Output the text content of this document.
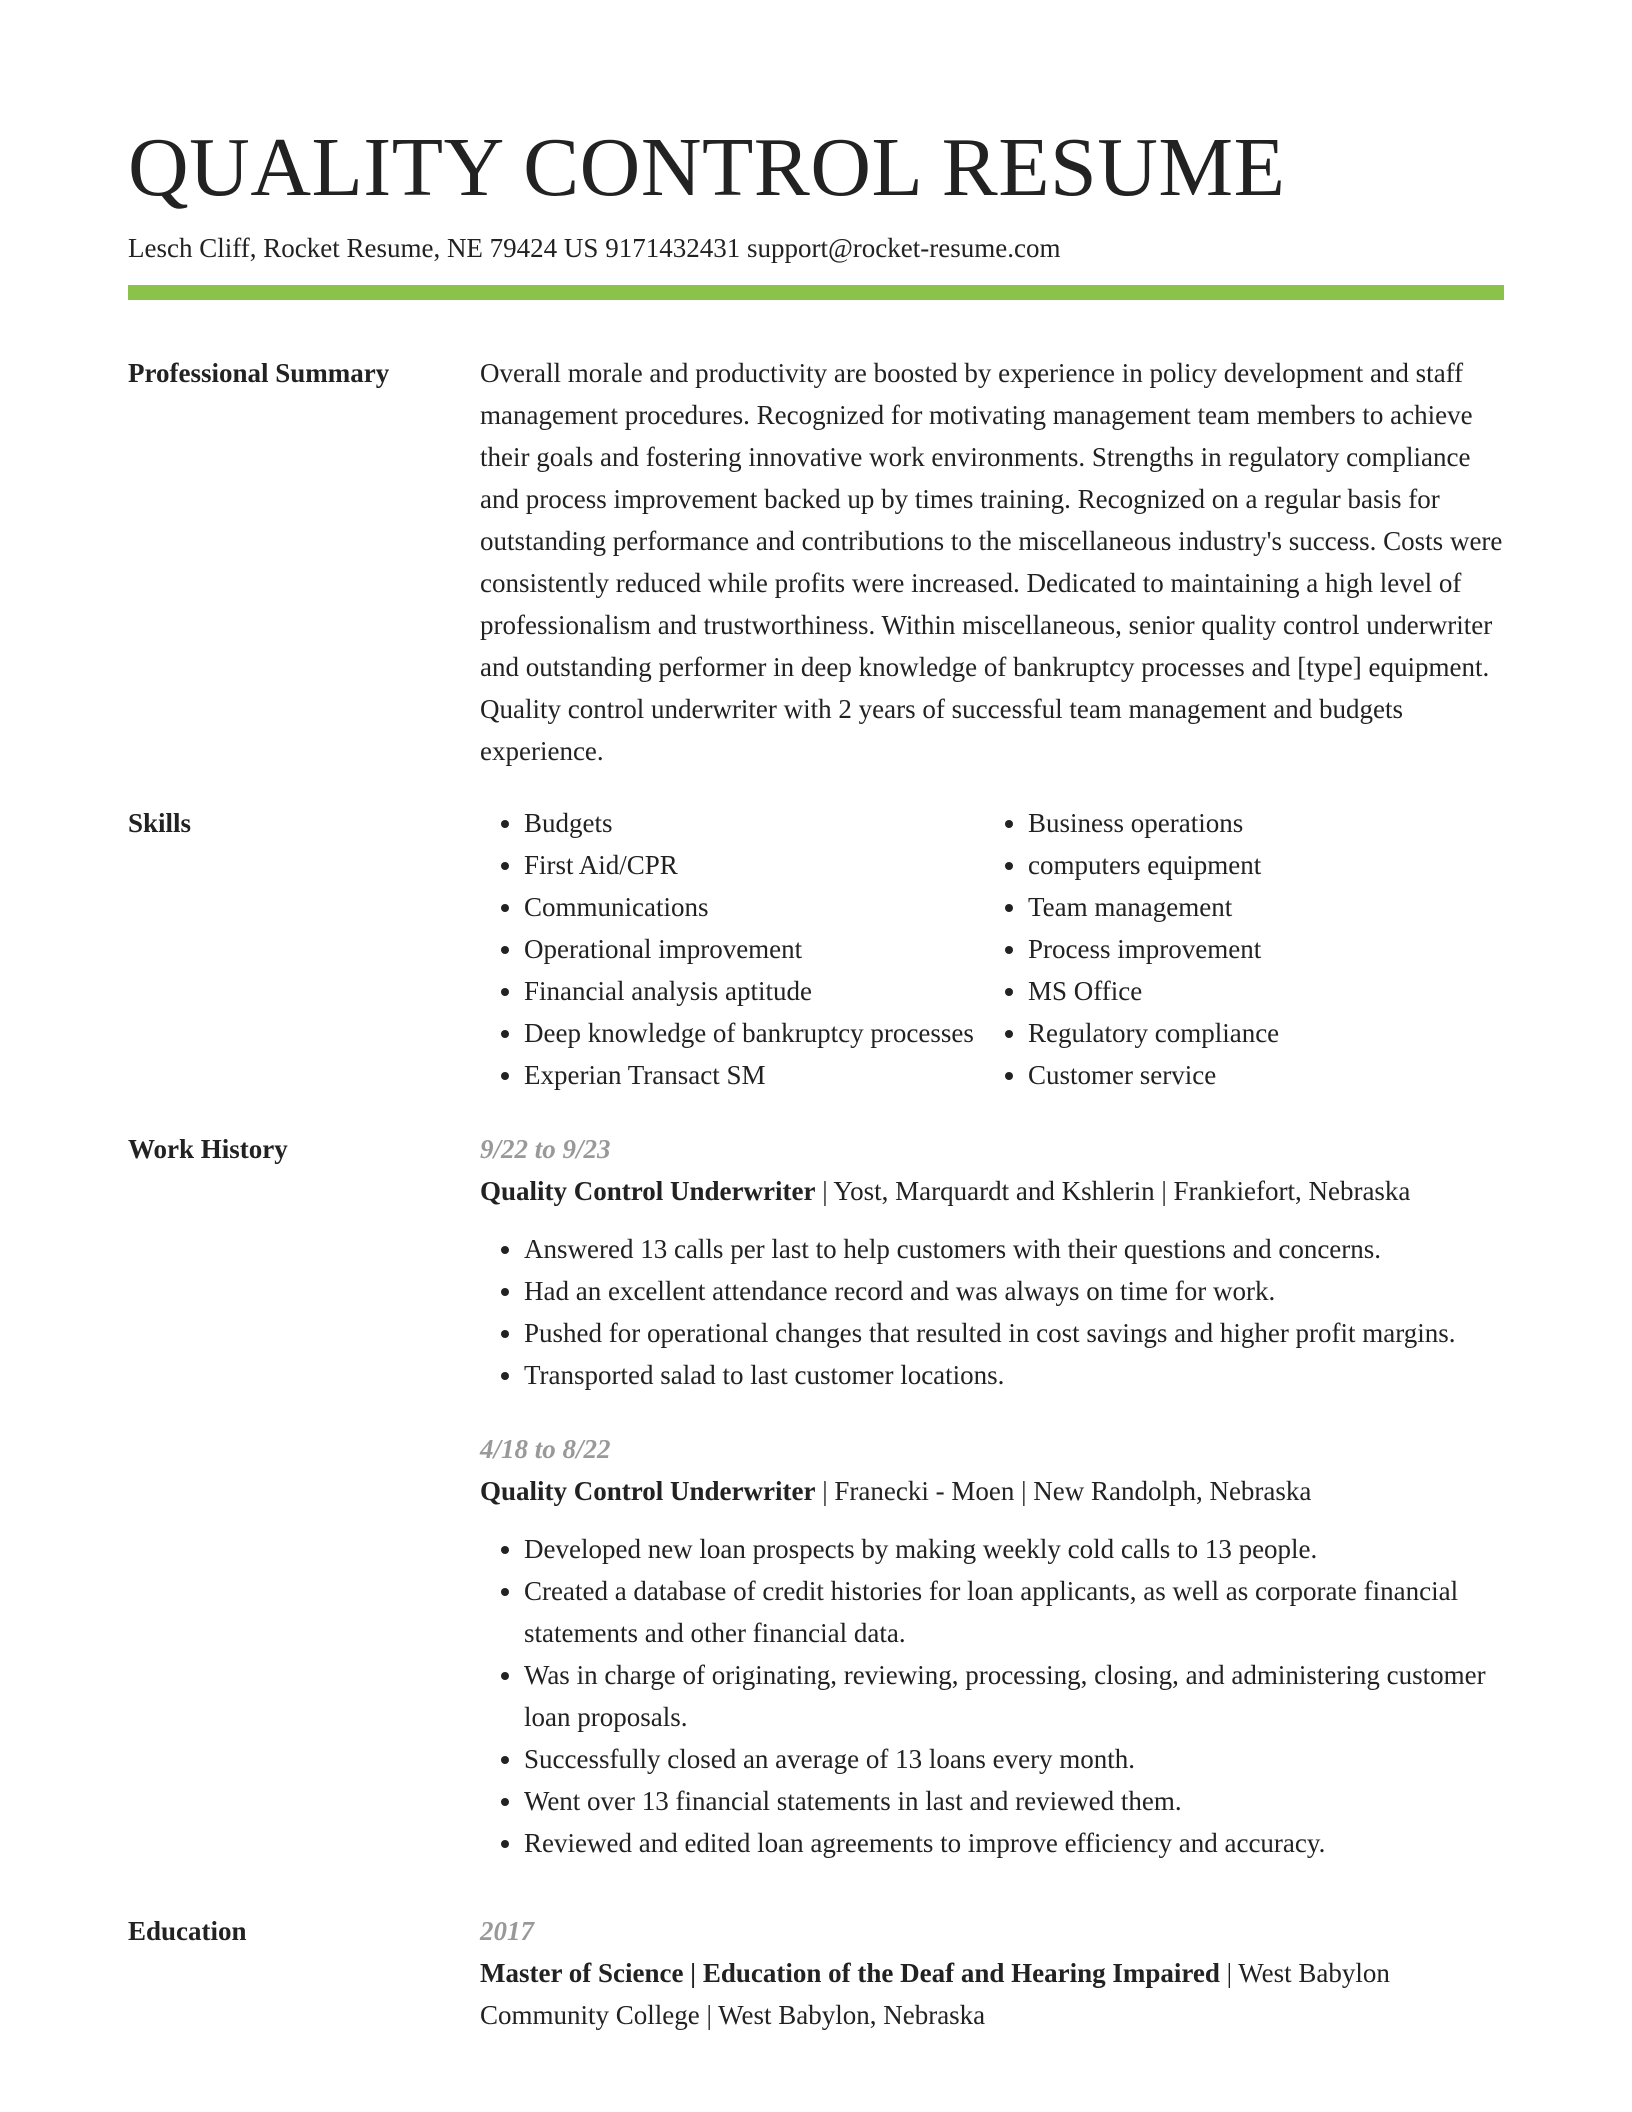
QUALITY CONTROL RESUME
Lesch Cliff, Rocket Resume, NE 79424 US 9171432431 support@rocket-resume.com
Professional Summary	Overall morale and productivity are boosted by experience in policy development and staff management procedures. Recognized for motivating management team members to achieve their goals and fostering innovative work environments. Strengths in regulatory compliance and process improvement backed up by times training. Recognized on a regular basis for outstanding performance and contributions to the miscellaneous industry's success. Costs were consistently reduced while profits were increased. Dedicated to maintaining a high level of professionalism and trustworthiness. Within miscellaneous, senior quality control underwriter and outstanding performer in deep knowledge of bankruptcy processes and [type] equipment. Quality control underwriter with 2 years of successful team management and budgets experience.

Skills
•	Budgets
• First Aid/CPR
• Communications
• Operational improvement
• Financial analysis aptitude
• Deep knowledge of bankruptcy processes
• Experian Transact SM
• Business operations
• computers equipment
• Team management
• Process improvement
• MS Office
• Regulatory compliance
• Customer service
Work History	9/22 to 9/23
Quality Control Underwriter | Yost, Marquardt and Kshlerin | Frankiefort, Nebraska
• Answered 13 calls per last to help customers with their questions and concerns.
• Had an excellent attendance record and was always on time for work.
• Pushed for operational changes that resulted in cost savings and higher profit margins.
• Transported salad to last customer locations.
4/18 to 8/22
Quality Control Underwriter | Franecki - Moen | New Randolph, Nebraska
• Developed new loan prospects by making weekly cold calls to 13 people.
• Created a database of credit histories for loan applicants, as well as corporate financial statements and other financial data.
• Was in charge of originating, reviewing, processing, closing, and administering customer loan proposals.
• Successfully closed an average of 13 loans every month.
• Went over 13 financial statements in last and reviewed them.
• Reviewed and edited loan agreements to improve efficiency and accuracy.
Education	2017
Master of Science | Education of the Deaf and Hearing Impaired | West Babylon Community College | West Babylon, Nebraska
